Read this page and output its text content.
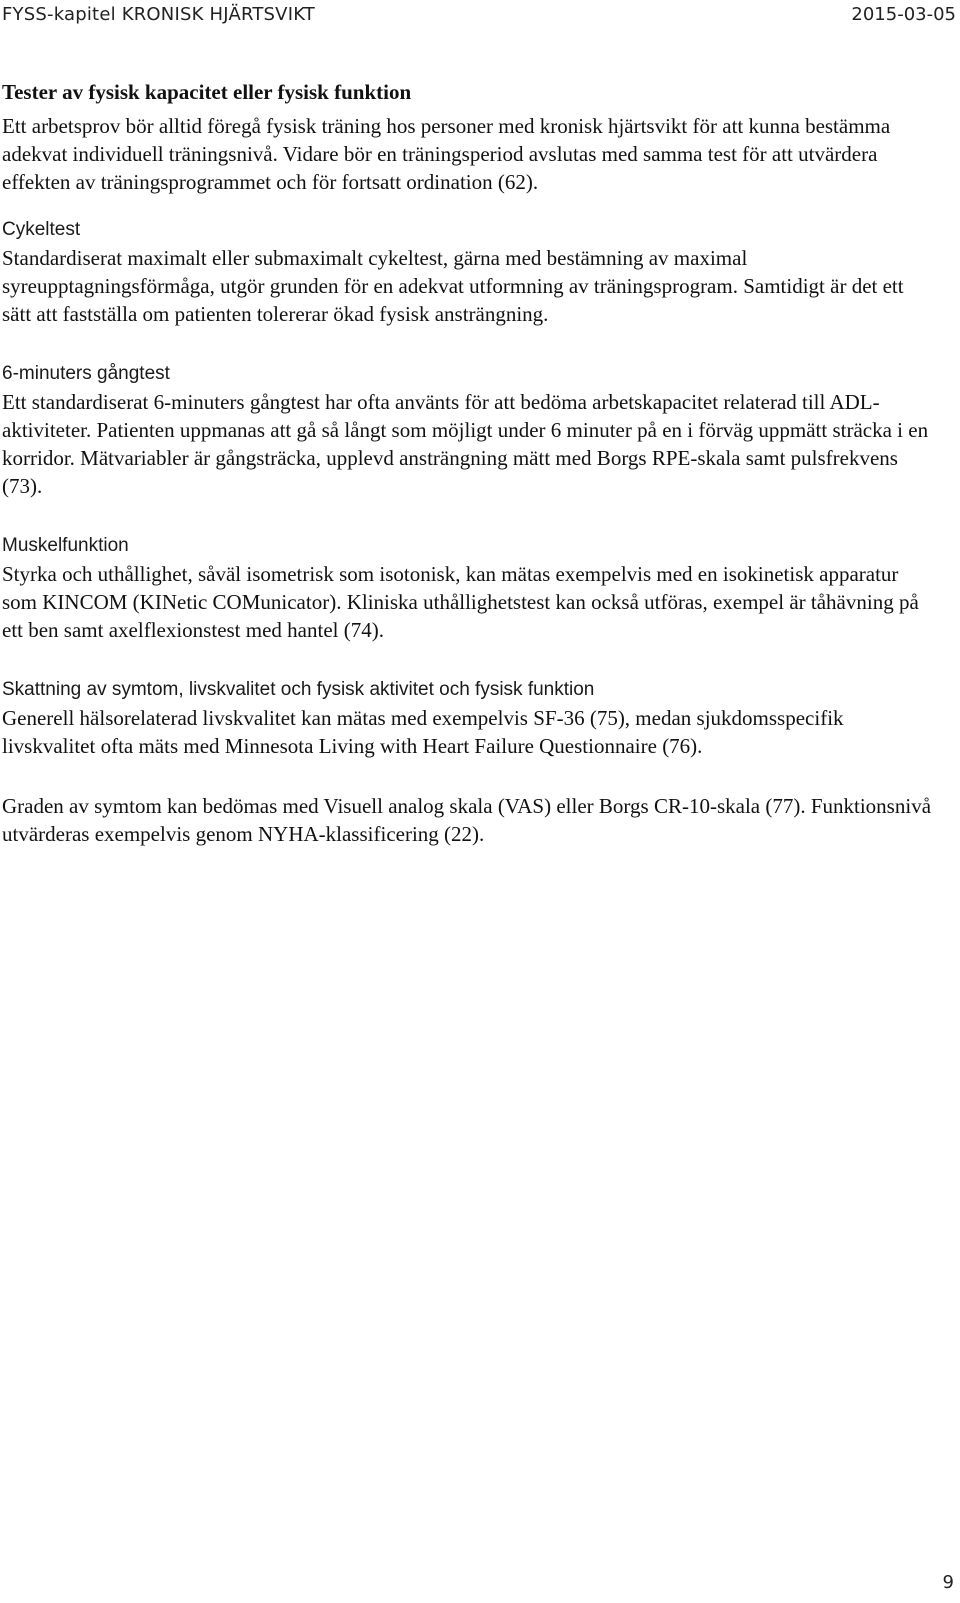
FYSS-kapitel KRONISK HJÄRTSVIKT	2015-03-05
Tester av fysisk kapacitet eller fysisk funktion
Ett arbetsprov bör alltid föregå fysisk träning hos personer med kronisk hjärtsvikt för att kunna bestämma adekvat individuell träningsnivå. Vidare bör en träningsperiod avslutas med samma test för att utvärdera effekten av träningsprogrammet och för fortsatt ordination (62).
Cykeltest
Standardiserat maximalt eller submaximalt cykeltest, gärna med bestämning av maximal syreupptagningsförmåga, utgör grunden för en adekvat utformning av träningsprogram. Samtidigt är det ett sätt att fastställa om patienten tolererar ökad fysisk ansträngning.
6-minuters gångtest
Ett standardiserat 6-minuters gångtest har ofta använts för att bedöma arbetskapacitet relaterad till ADL-aktiviteter. Patienten uppmanas att gå så långt som möjligt under 6 minuter på en i förväg uppmätt sträcka i en korridor. Mätvariabler är gångsträcka, upplevd ansträngning mätt med Borgs RPE-skala samt pulsfrekvens (73).
Muskelfunktion
Styrka och uthållighet, såväl isometrisk som isotonisk, kan mätas exempelvis med en isokinetisk apparatur som KINCOM (KINetic COMunicator). Kliniska uthållighetstest kan också utföras, exempel är tåhävning på ett ben samt axelflexionstest med hantel (74).
Skattning av symtom, livskvalitet och fysisk aktivitet och fysisk funktion
Generell hälsorelaterad livskvalitet kan mätas med exempelvis SF-36 (75), medan sjukdomsspecifik livskvalitet ofta mäts med Minnesota Living with Heart Failure Questionnaire (76).
Graden av symtom kan bedömas med Visuell analog skala (VAS) eller Borgs CR-10-skala (77). Funktionsnivå utvärderas exempelvis genom NYHA-klassificering (22).
9
